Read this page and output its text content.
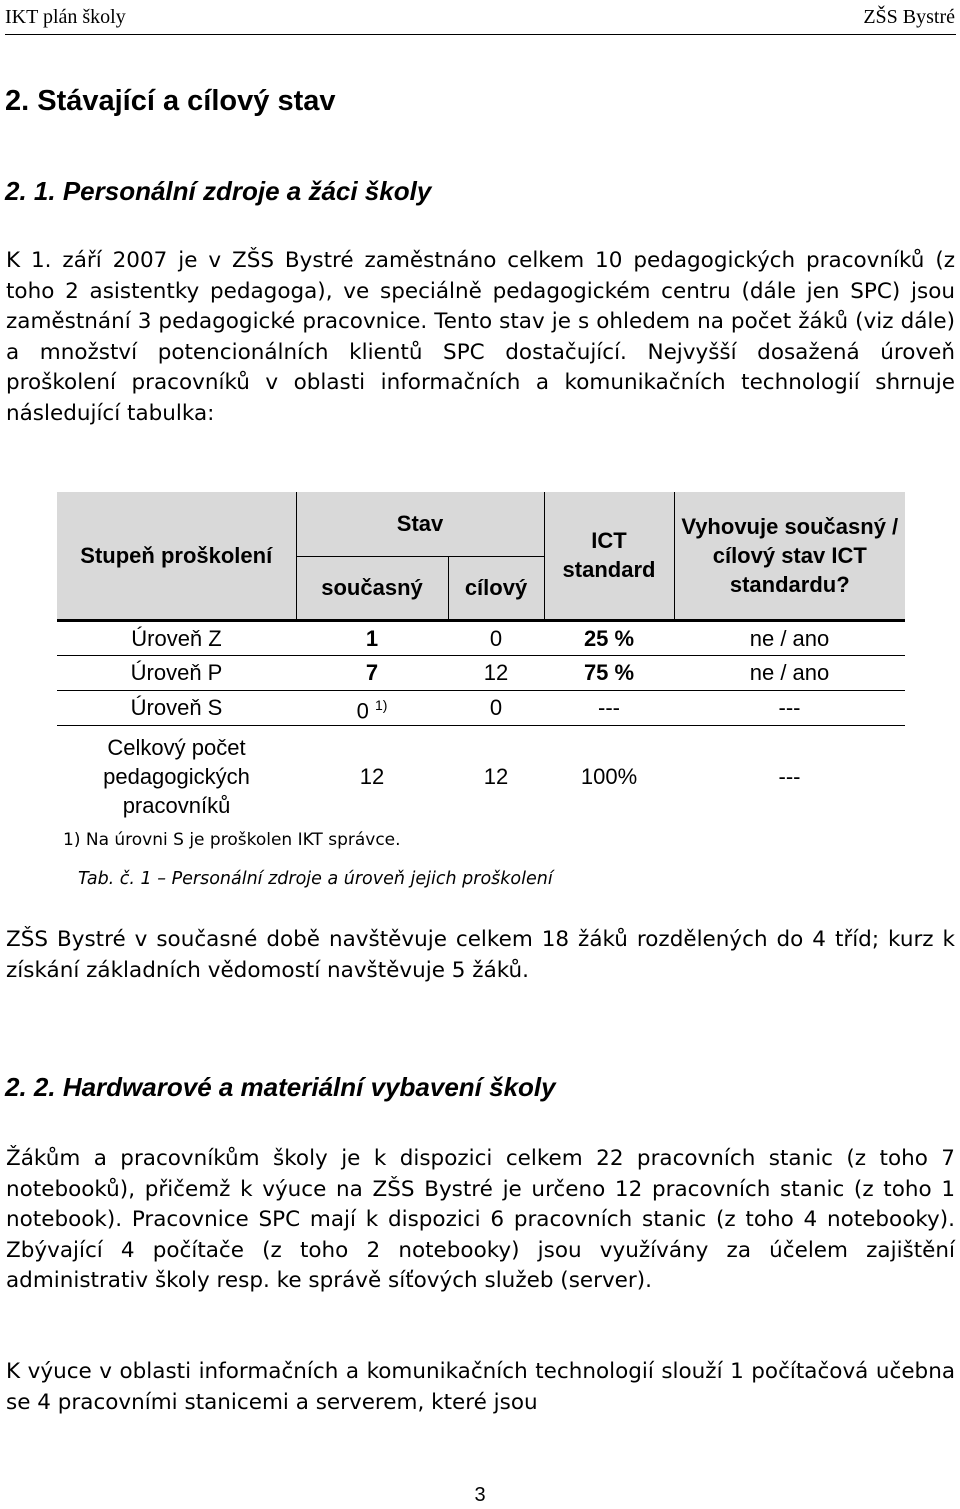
IKT plán školy	ZŠS Bystré
2. Stávající a cílový stav
2. 1. Personální zdroje a žáci školy

K 1. září 2007 je v ZŠS Bystré zaměstnáno celkem 10 pedagogických pracovníků (z toho 2 asistentky pedagoga), ve speciálně pedagogickém centru (dále jen SPC) jsou zaměstnání 3 pedagogické pracovnice. Tento stav je s ohledem na počet žáků (viz dále) a množství potencionálních klientů SPC dostačující. Nejvyšší dosažená úroveň proškolení pracovníků v oblasti informačních a komunikačních technologií shrnuje následující tabulka:

Stupeň proškolení	Stav		ICT standard	Vyhovuje současný / cílový stav ICT standardu?
	současný	cílový		
Úroveň Z	1	0	25 %	ne / ano
Úroveň P	7	12	75 %	ne / ano
Úroveň S	0 $^{1)}$	0	---	---
Celkový počet pedagogických pracovníků	12	12	100%	---

1) Na úrovni S je proškolen IKT správce.

Tab. č. 1 – Personální zdroje a úroveň jejich proškolení

ZŠS Bystré v současné době navštěvuje celkem 18 žáků rozdělených do 4 tříd; kurz k získání základních vědomostí navštěvuje 5 žáků.

2. 2. Hardwarové a materiální vybavení školy

Žákům a pracovníkům školy je k dispozici celkem 22 pracovních stanic (z toho 7 notebooků), přičemž k výuce na ZŠS Bystré je určeno 12 pracovních stanic (z toho 1 notebook). Pracovnice SPC mají k dispozici 6 pracovních stanic (z toho 4 notebooky). Zbývající 4 počítače (z toho 2 notebooky) jsou využívány za účelem zajištění administrativ školy resp. ke správě síťových služeb (server).

K výuce v oblasti informačních a komunikačních technologií slouží 1 počítačová učebna se 4 pracovními stanicemi a serverem, které jsou

3
